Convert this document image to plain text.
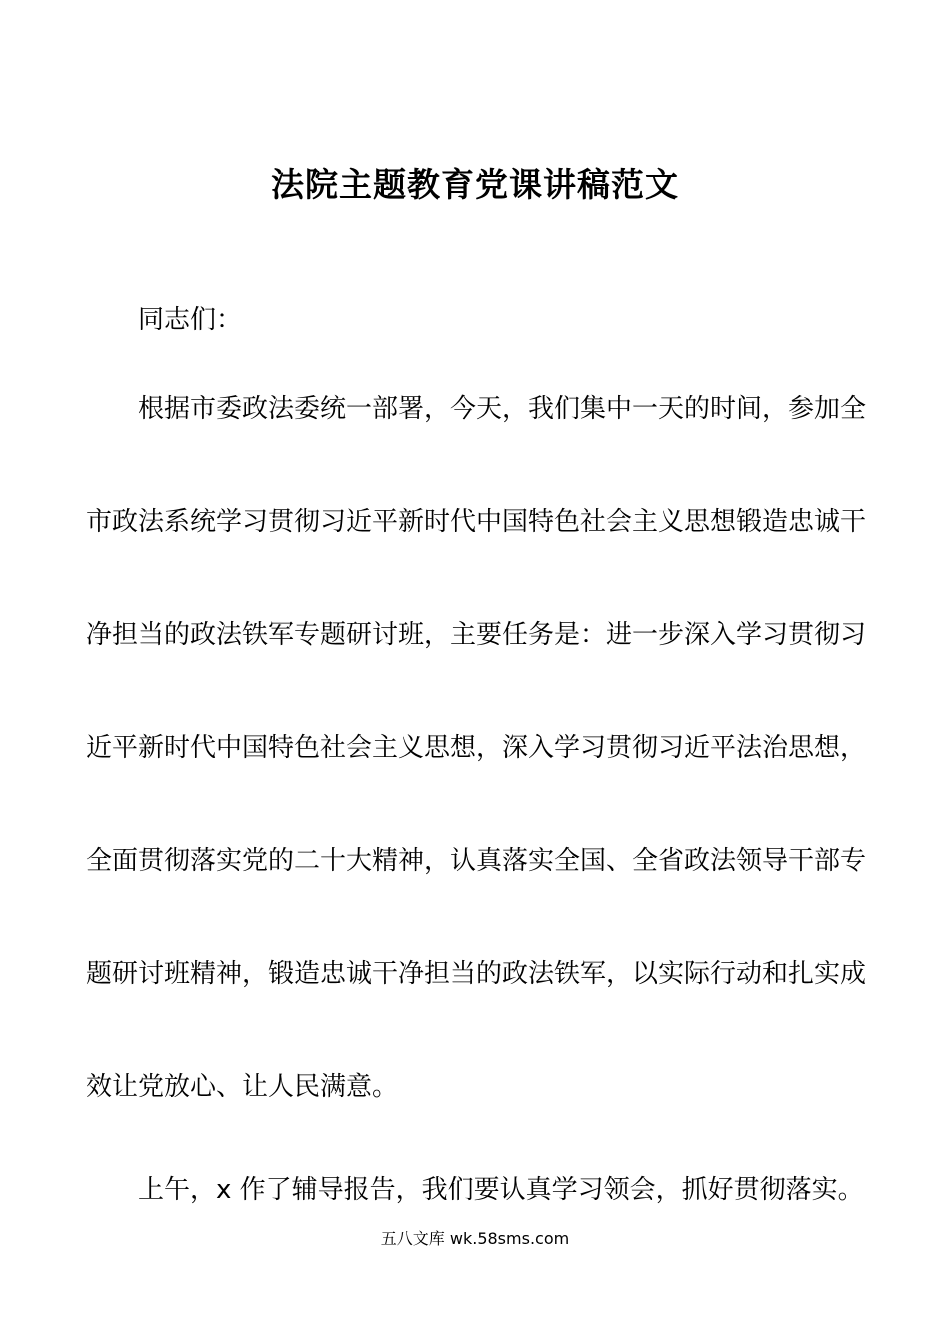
法院主题教育党课讲稿范文
同志们：
根据市委政法委统一部署，今天，我们集中一天的时间，参加全
市政法系统学习贯彻习近平新时代中国特色社会主义思想锻造忠诚干
净担当的政法铁军专题研讨班，主要任务是：进一步深入学习贯彻习
近平新时代中国特色社会主义思想，深入学习贯彻习近平法治思想，
全面贯彻落实党的二十大精神，认真落实全国、全省政法领导干部专
题研讨班精神，锻造忠诚干净担当的政法铁军，以实际行动和扎实成
效让党放心、让人民满意。
上午，x 作了辅导报告，我们要认真学习领会，抓好贯彻落实。
五八文库 wk.58sms.com
